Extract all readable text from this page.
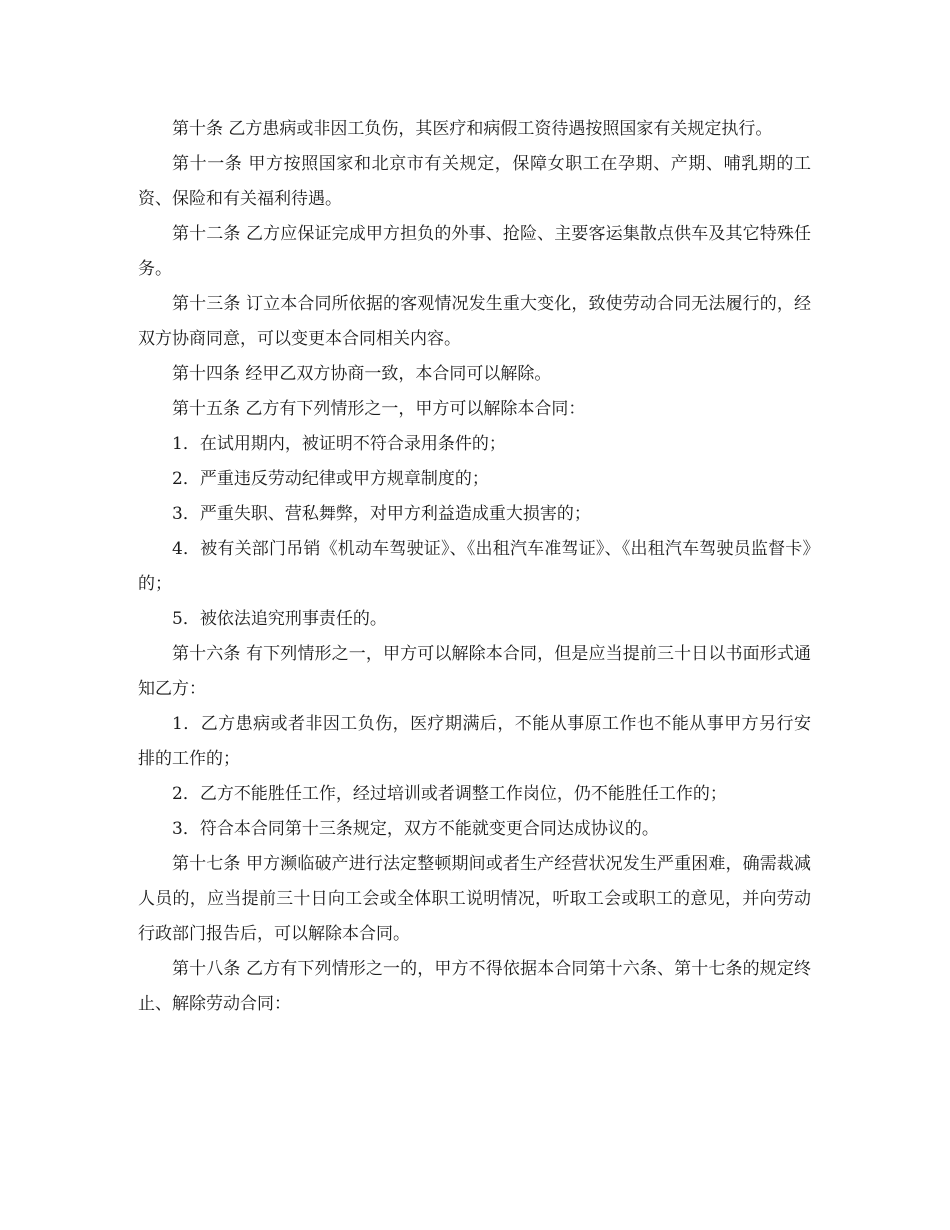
第十条 乙方患病或非因工负伤，其医疗和病假工资待遇按照国家有关规定执行。

第十一条 甲方按照国家和北京市有关规定，保障女职工在孕期、产期、哺乳期的工资、保险和有关福利待遇。

第十二条 乙方应保证完成甲方担负的外事、抢险、主要客运集散点供车及其它特殊任务。

第十三条 订立本合同所依据的客观情况发生重大变化，致使劳动合同无法履行的，经双方协商同意，可以变更本合同相关内容。

第十四条 经甲乙双方协商一致，本合同可以解除。

第十五条 乙方有下列情形之一，甲方可以解除本合同：

1．在试用期内，被证明不符合录用条件的；

2．严重违反劳动纪律或甲方规章制度的；

3．严重失职、营私舞弊，对甲方利益造成重大损害的；

4．被有关部门吊销《机动车驾驶证》、《出租汽车准驾证》、《出租汽车驾驶员监督卡》的；

5．被依法追究刑事责任的。

第十六条 有下列情形之一，甲方可以解除本合同，但是应当提前三十日以书面形式通知乙方：

1．乙方患病或者非因工负伤，医疗期满后，不能从事原工作也不能从事甲方另行安排的工作的；

2．乙方不能胜任工作，经过培训或者调整工作岗位，仍不能胜任工作的；

3．符合本合同第十三条规定，双方不能就变更合同达成协议的。

第十七条 甲方濒临破产进行法定整顿期间或者生产经营状况发生严重困难，确需裁减人员的，应当提前三十日向工会或全体职工说明情况，听取工会或职工的意见，并向劳动行政部门报告后，可以解除本合同。

第十八条 乙方有下列情形之一的，甲方不得依据本合同第十六条、第十七条的规定终止、解除劳动合同：
